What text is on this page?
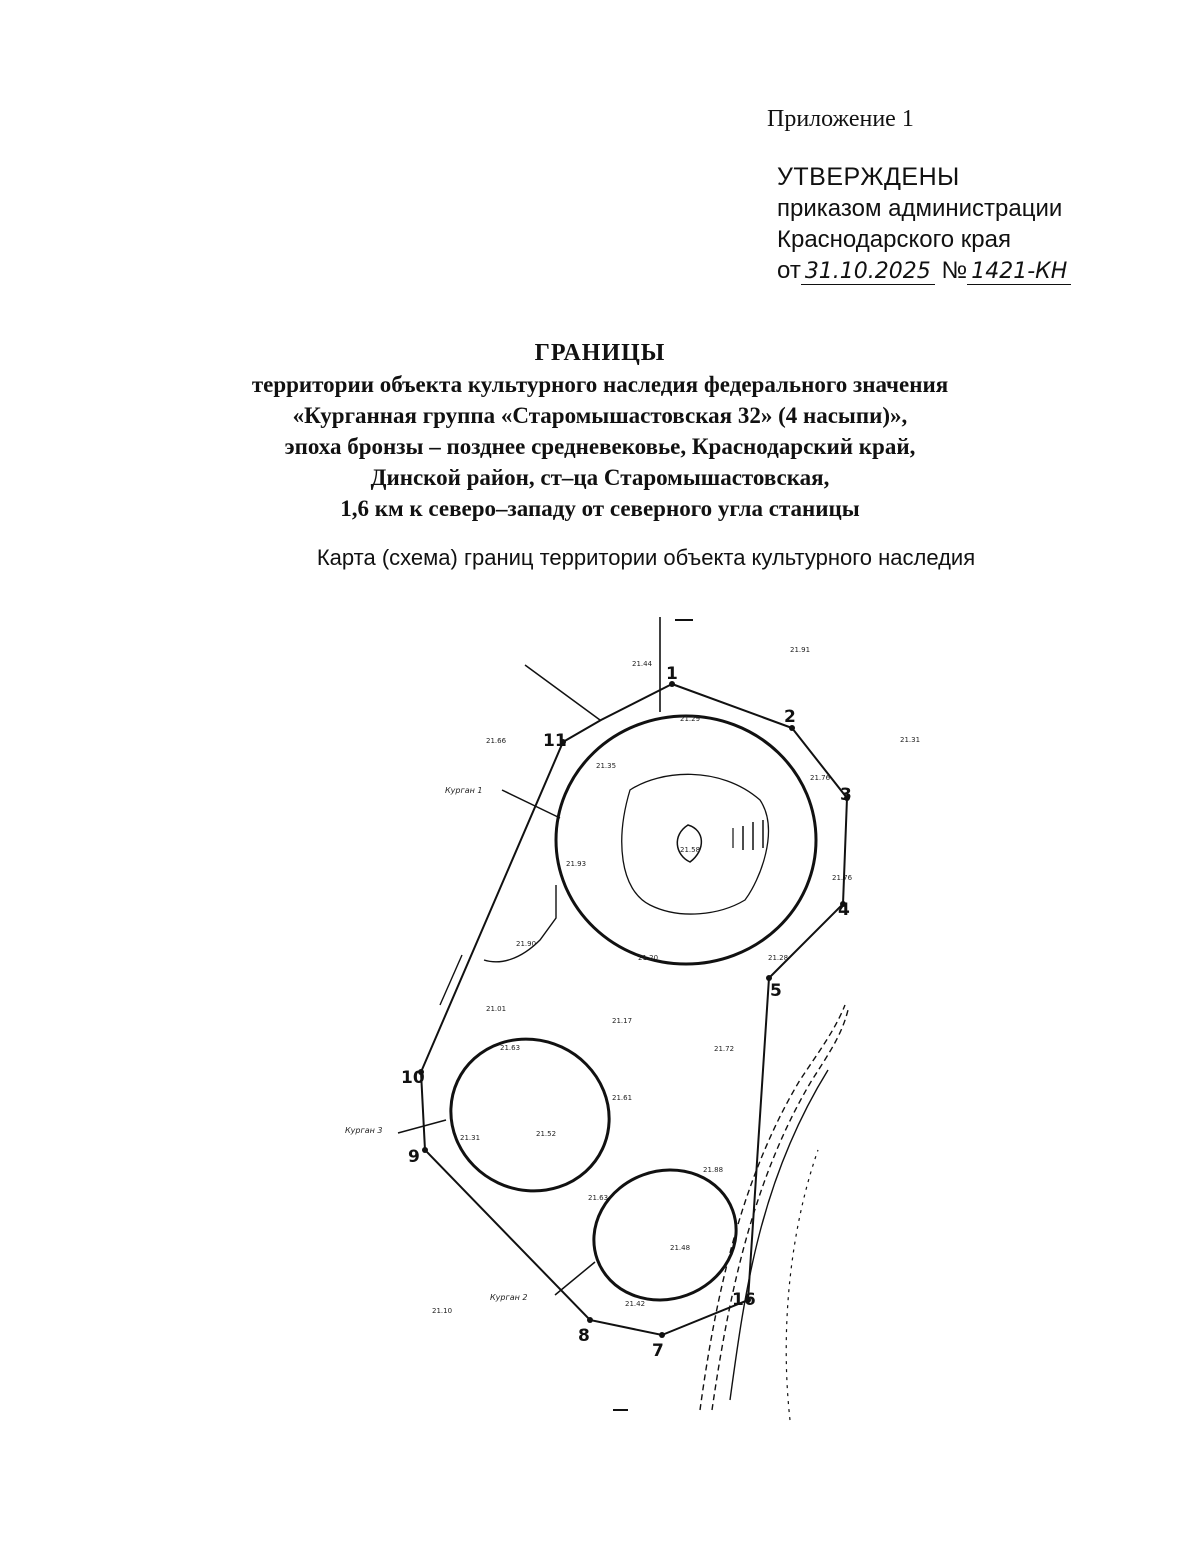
Приложение 1
УТВЕРЖДЕНЫ
приказом администрации
Краснодарского края
от 31.10.2025 № 1421-КН
ГРАНИЦЫ
территории объекта культурного наследия федерального значения
«Курганная группа «Старомышастовская 32» (4 насыпи)»,
эпоха бронзы – позднее средневековье, Краснодарский край,
Динской район, ст–ца Старомышастовская,
1,6 км к северо–западу от северного угла станицы
Карта (схема) границ территории объекта культурного наследия
1
2
3
4
5
7
8
9
10
11
16
Курган 1
Курган 3
Курган 2
21.91
21.31
21.44
21.29
21.35
21.76
21.58
21.93
21.90
21.01
21.17
21.72
21.52
21.31
21.61
21.48
21.42
21.88
21.76
21.63
21.63
21.10
21.66
21.20	21.28
